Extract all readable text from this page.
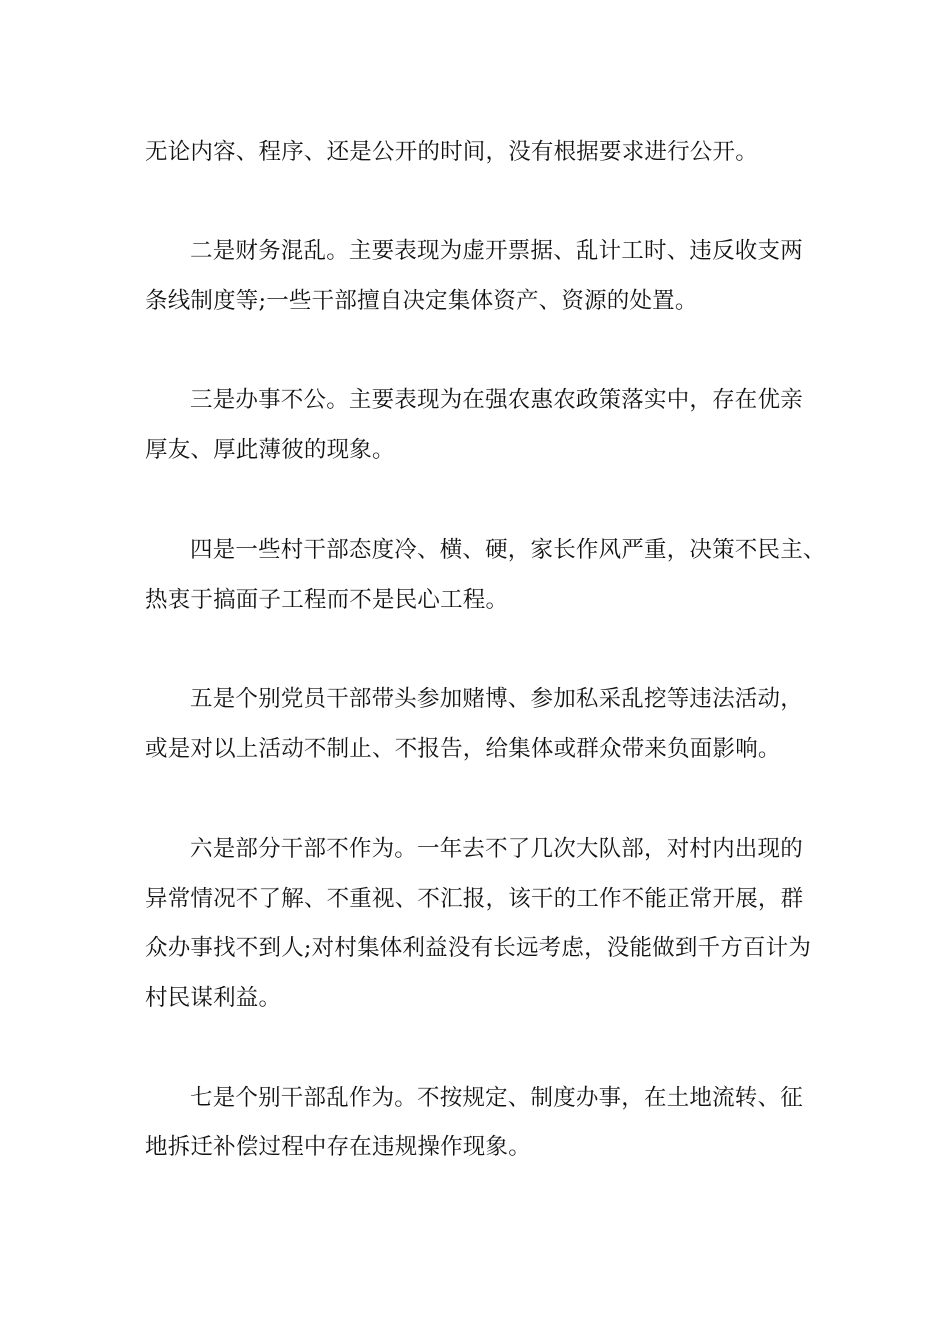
无论内容、程序、还是公开的时间，没有根据要求进行公开。
二是财务混乱。主要表现为虚开票据、乱计工时、违反收支两
条线制度等;一些干部擅自决定集体资产、资源的处置。
三是办事不公。主要表现为在强农惠农政策落实中，存在优亲
厚友、厚此薄彼的现象。
四是一些村干部态度冷、横、硬，家长作风严重，决策不民主、
热衷于搞面子工程而不是民心工程。
五是个别党员干部带头参加赌博、参加私采乱挖等违法活动，
或是对以上活动不制止、不报告，给集体或群众带来负面影响。
六是部分干部不作为。一年去不了几次大队部，对村内出现的
异常情况不了解、不重视、不汇报，该干的工作不能正常开展，群
众办事找不到人;对村集体利益没有长远考虑，没能做到千方百计为
村民谋利益。
七是个别干部乱作为。不按规定、制度办事，在土地流转、征
地拆迁补偿过程中存在违规操作现象。
